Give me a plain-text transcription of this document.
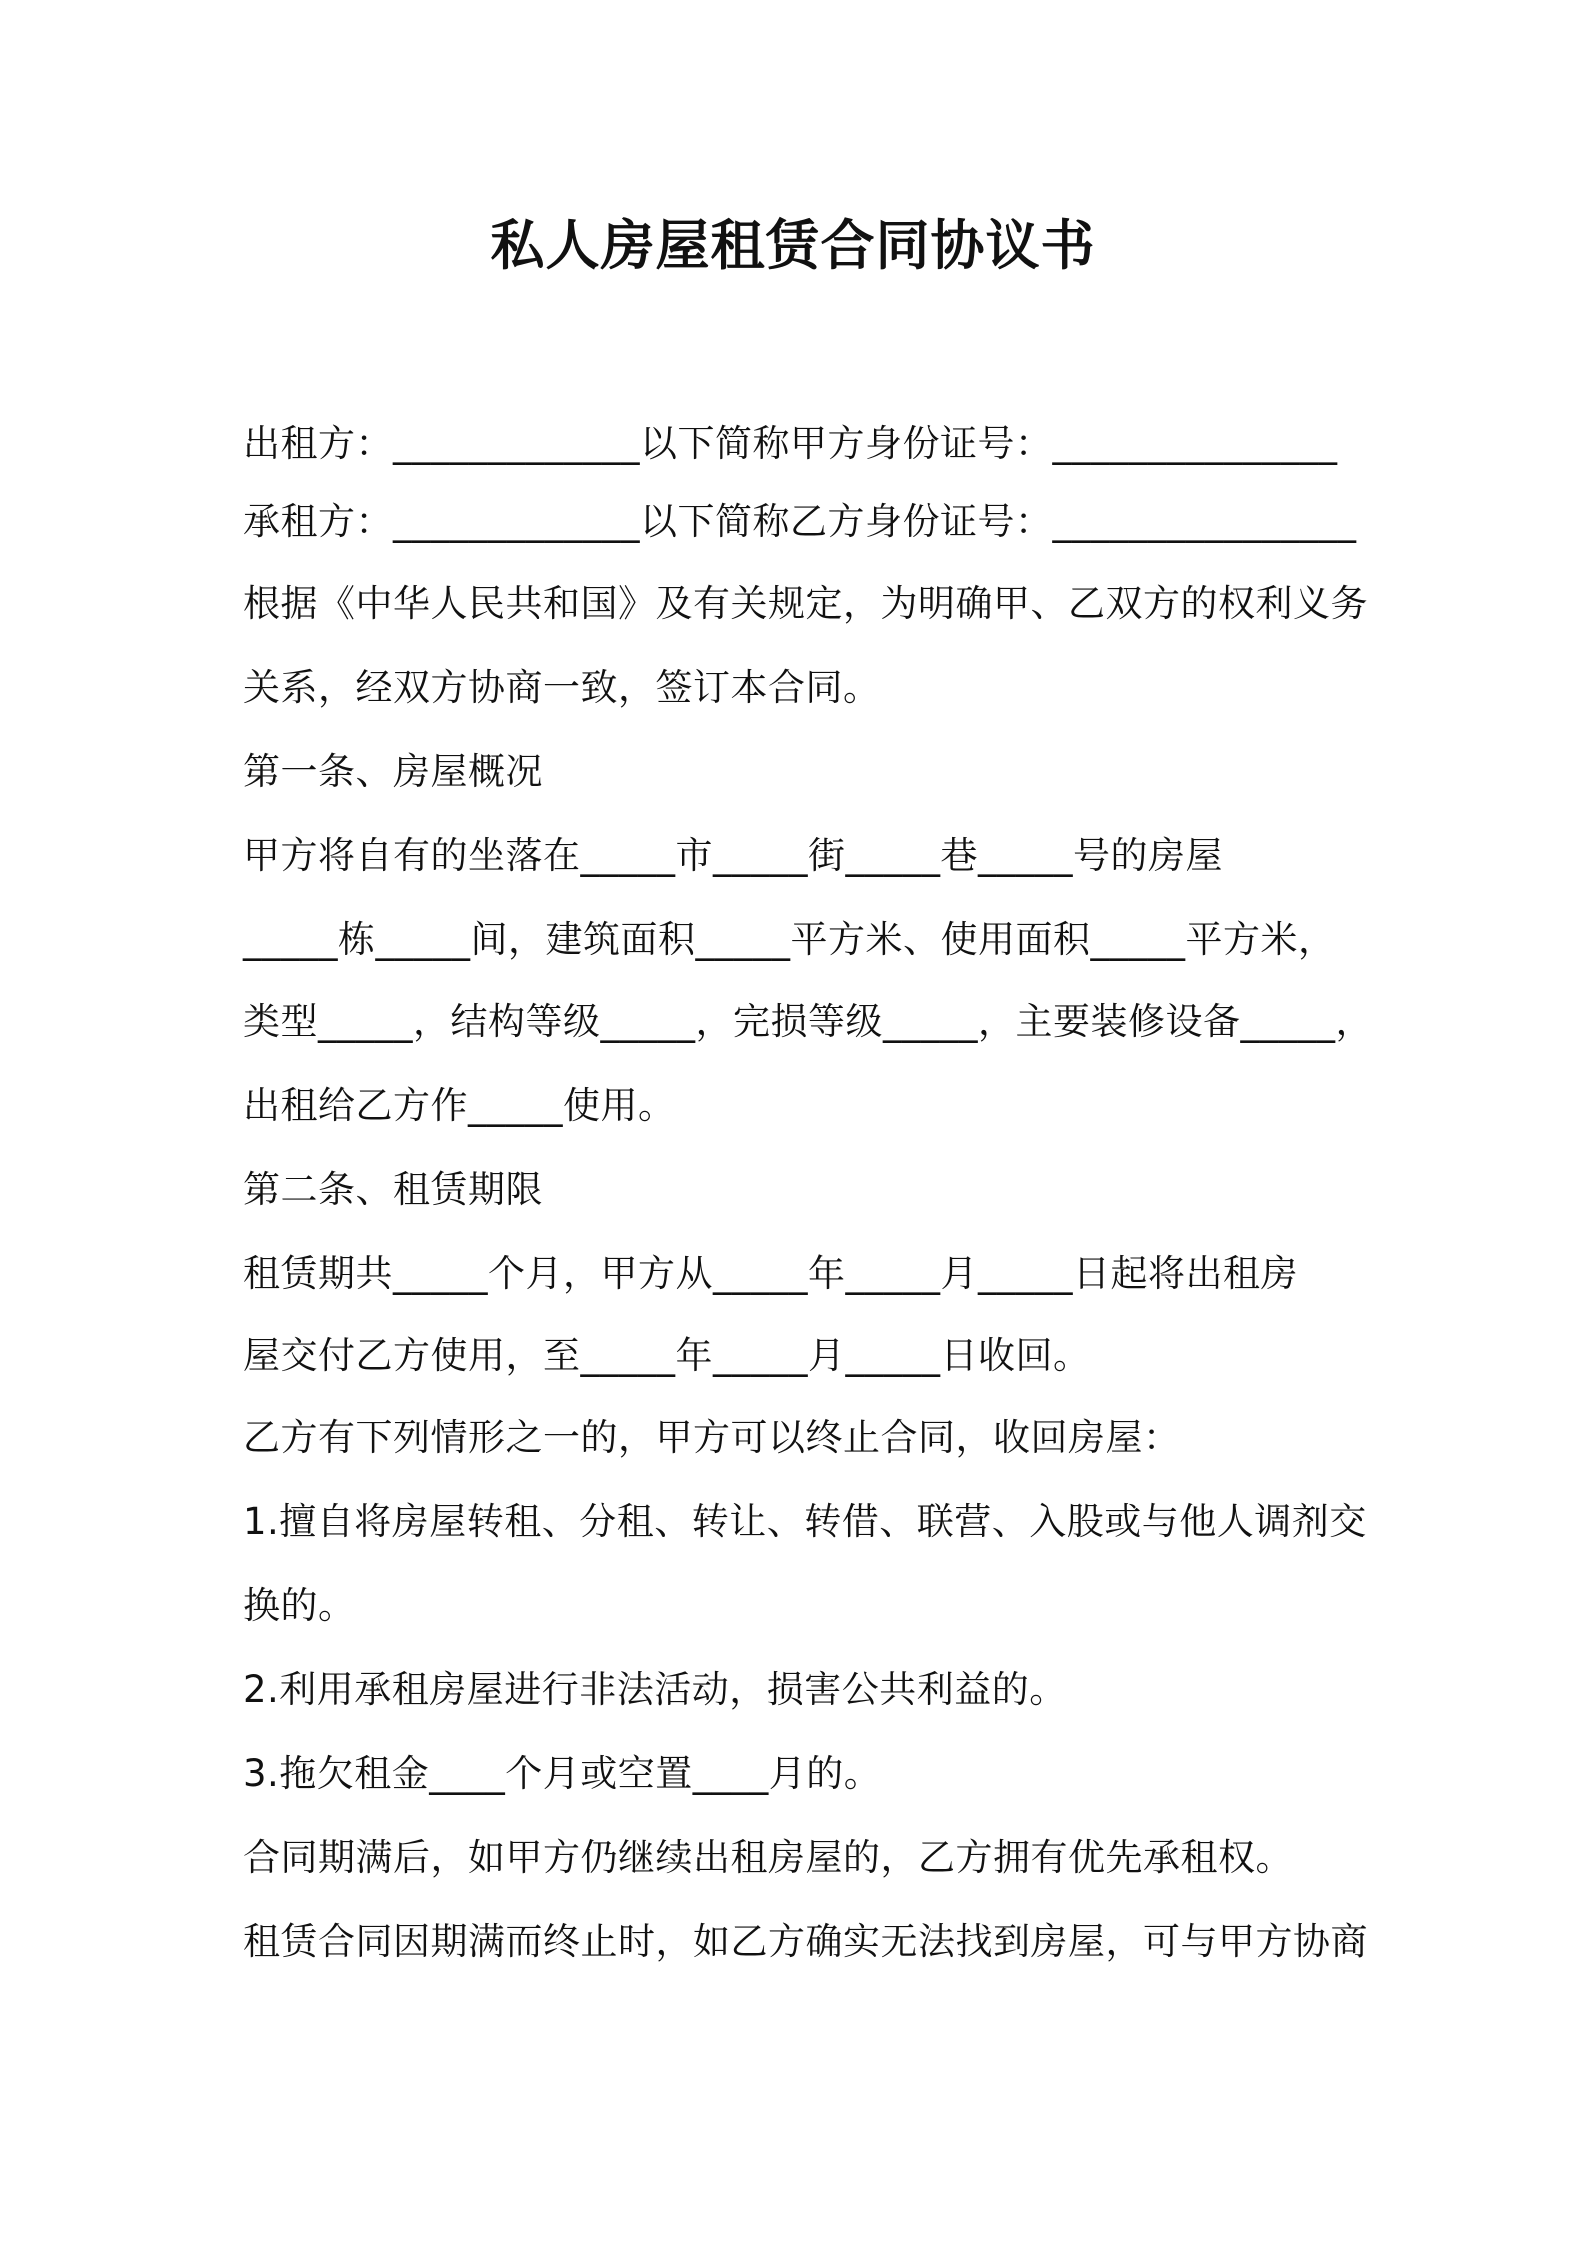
私人房屋租赁合同协议书
出租方：_____________以下简称甲方身份证号：_______________
承租方：_____________以下简称乙方身份证号：________________
根据《中华人民共和国》及有关规定，为明确甲、乙双方的权利义务
关系，经双方协商一致，签订本合同。
第一条、房屋概况
甲方将自有的坐落在_____市_____街_____巷_____号的房屋
_____栋_____间，建筑面积_____平方米、使用面积_____平方米，
类型_____，结构等级_____，完损等级_____，主要装修设备_____，
出租给乙方作_____使用。
第二条、租赁期限
租赁期共_____个月，甲方从_____年_____月_____日起将出租房
屋交付乙方使用，至_____年_____月_____日收回。
乙方有下列情形之一的，甲方可以终止合同，收回房屋：
1.擅自将房屋转租、分租、转让、转借、联营、入股或与他人调剂交
换的。
2.利用承租房屋进行非法活动，损害公共利益的。
3.拖欠租金____个月或空置____月的。
合同期满后，如甲方仍继续出租房屋的，乙方拥有优先承租权。
租赁合同因期满而终止时，如乙方确实无法找到房屋，可与甲方协商
